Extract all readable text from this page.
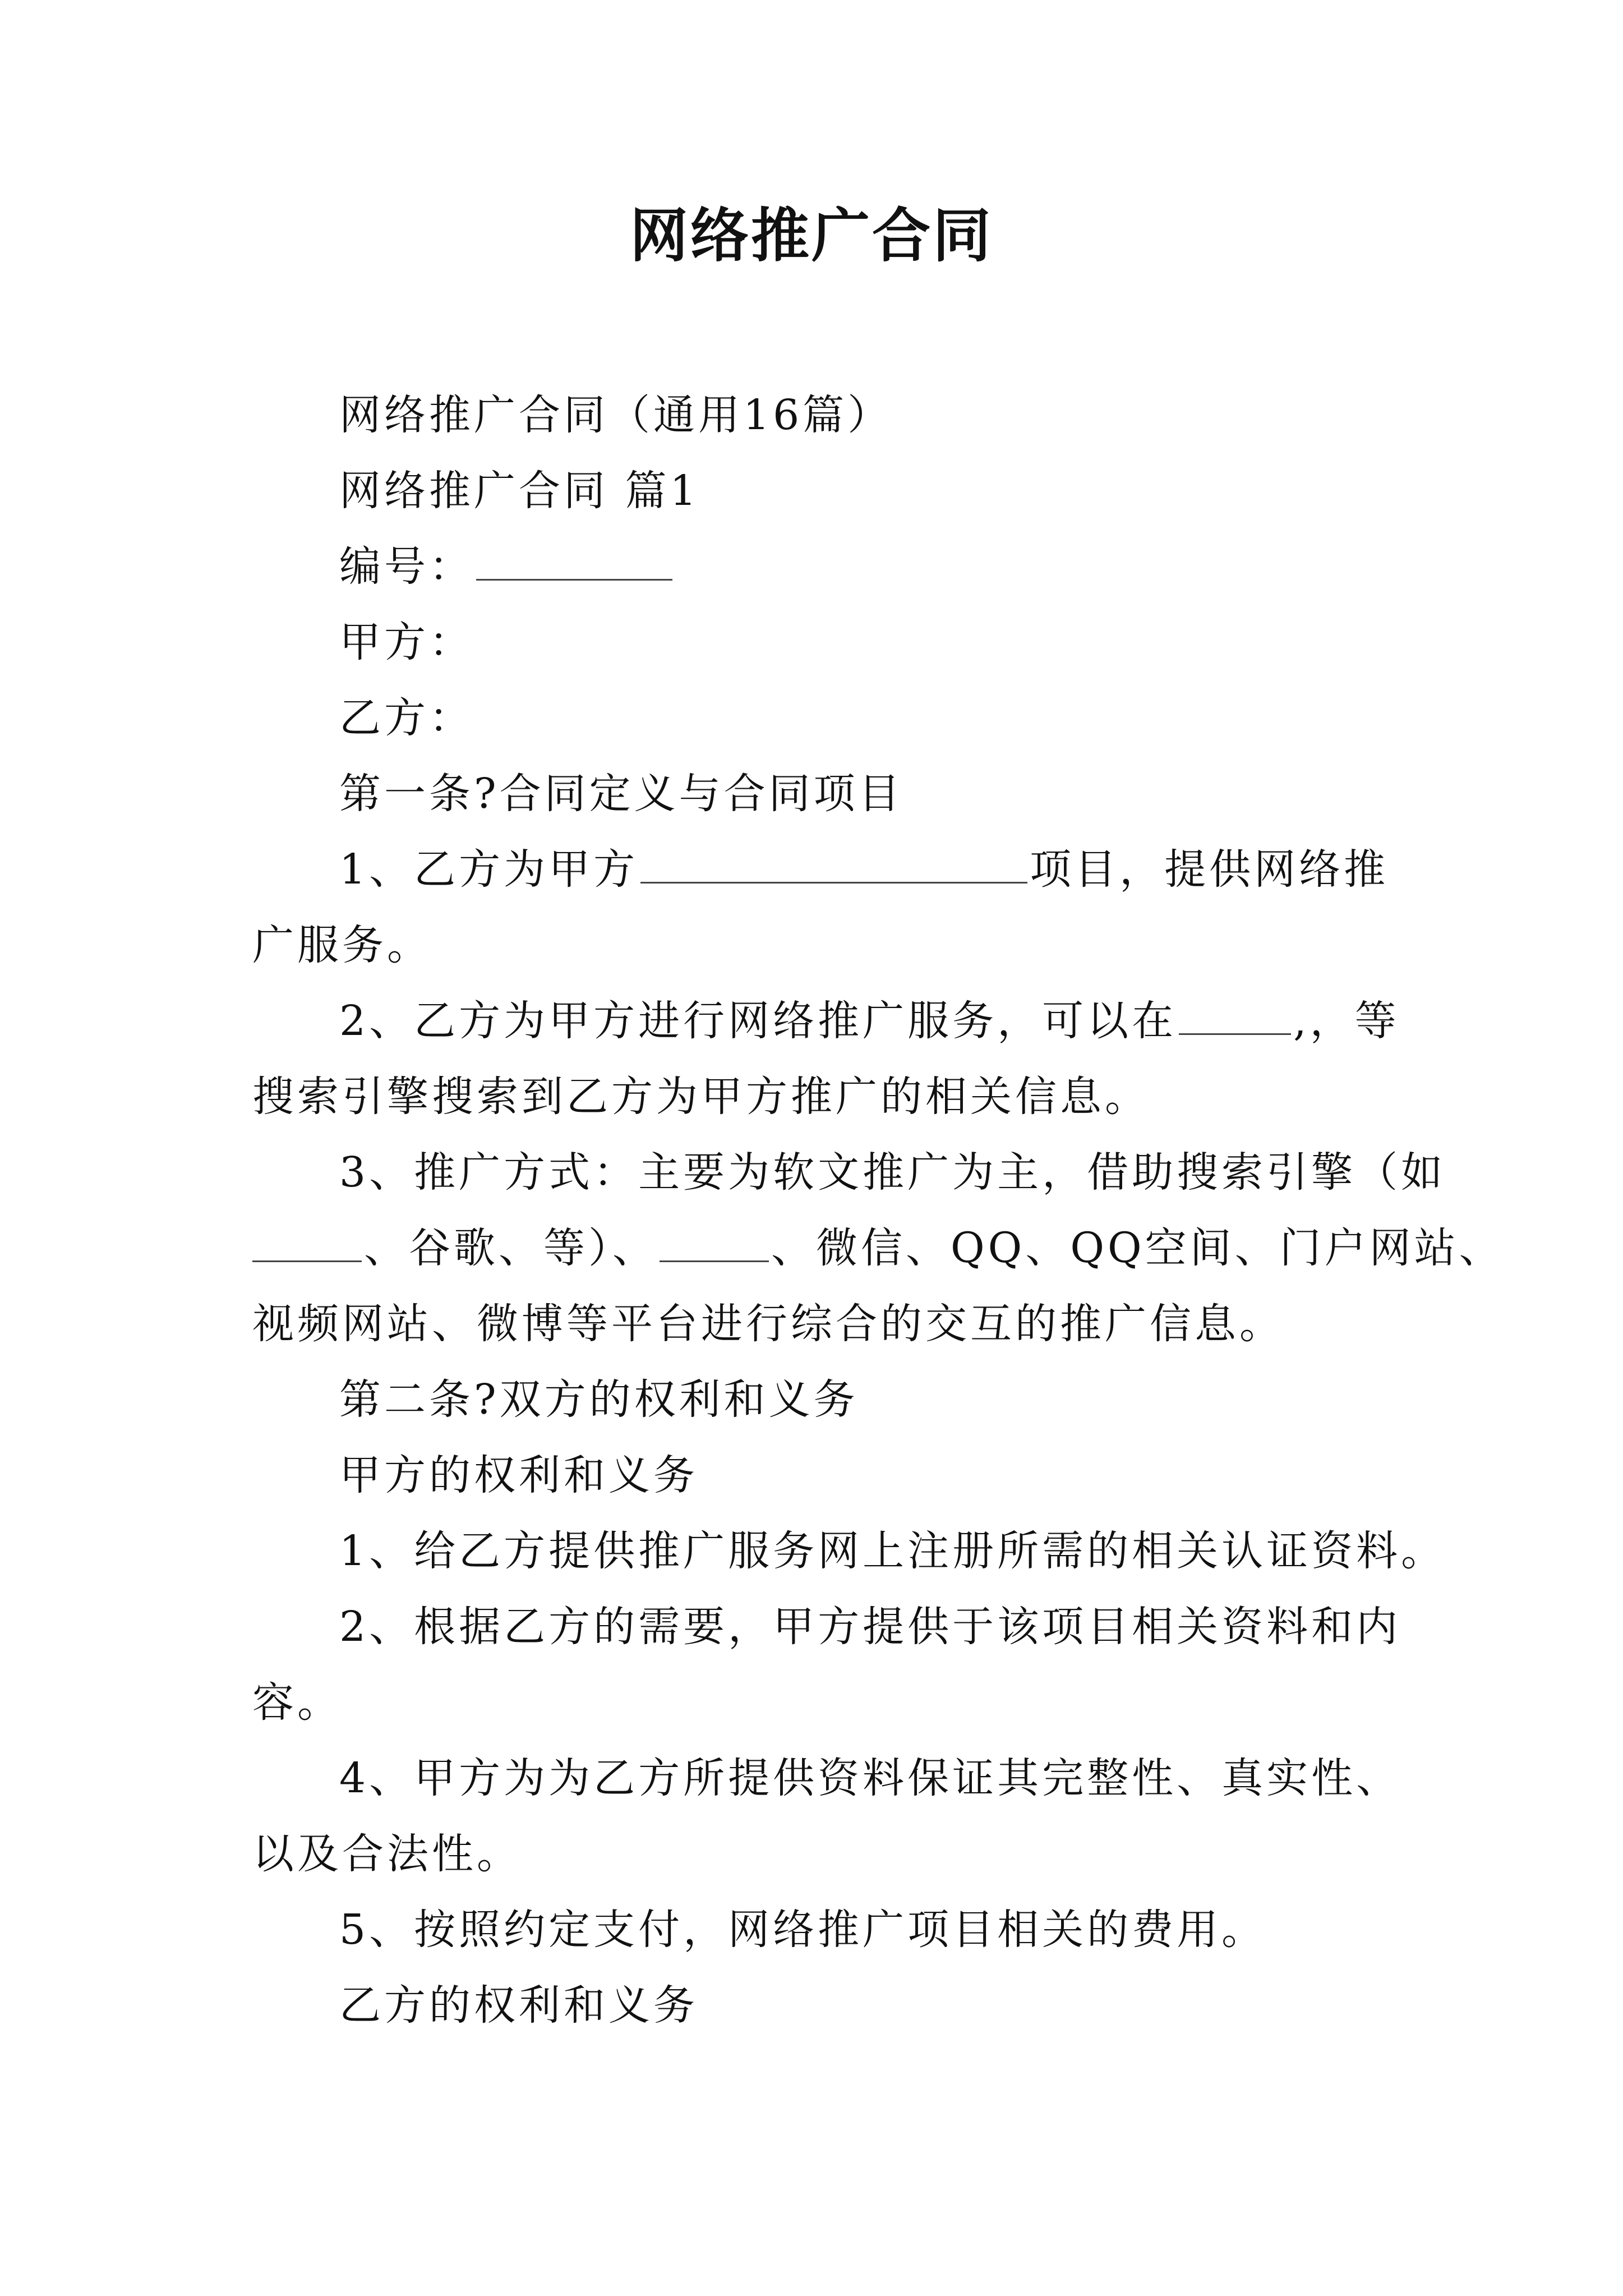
网络推广合同
网络推广合同（通用16篇）
网络推广合同 篇1
编号：
甲方：
乙方：
第一条?合同定义与合同项目
1、乙方为甲方	项目，提供网络推
广服务。
2、乙方为甲方进行网络推广服务，可以在	,，等
搜索引擎搜索到乙方为甲方推广的相关信息。
3、推广方式：主要为软文推广为主，借助搜索引擎（如
、谷歌、等）、	、微信、QQ、QQ空间、门户网站、
视频网站、微博等平台进行综合的交互的推广信息。
第二条?双方的权利和义务
甲方的权利和义务
1、给乙方提供推广服务网上注册所需的相关认证资料。
2、根据乙方的需要，甲方提供于该项目相关资料和内
容。
4、甲方为为乙方所提供资料保证其完整性、真实性、
以及合法性。
5、按照约定支付，网络推广项目相关的费用。
乙方的权利和义务
